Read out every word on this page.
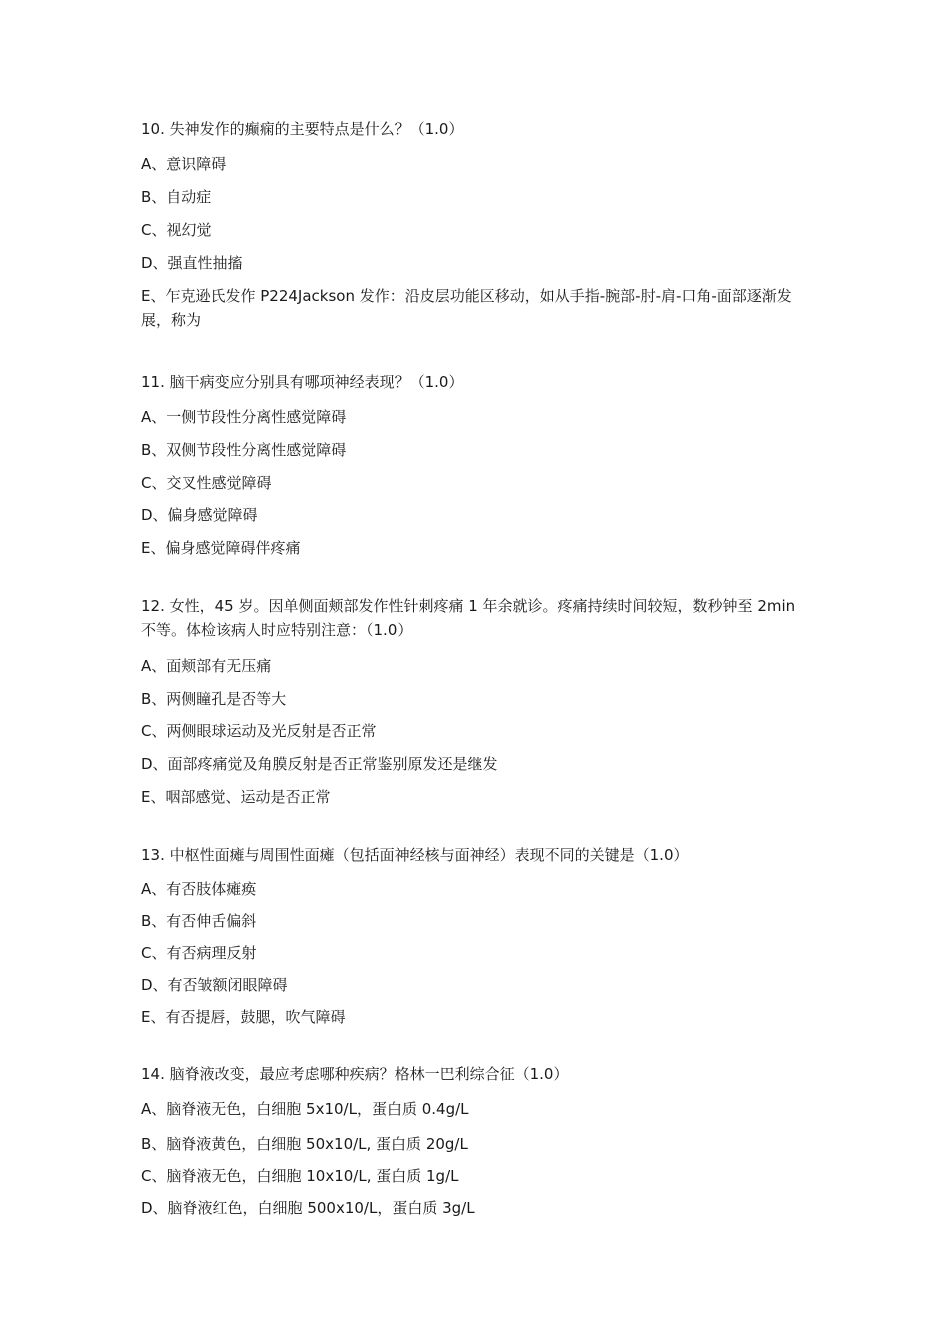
10. 失神发作的癫痫的主要特点是什么？（1.0）
A、意识障碍
B、自动症
C、视幻觉
D、强直性抽搐
E、乍克逊氏发作 P224Jackson 发作：沿皮层功能区移动，如从手指-腕部-肘-肩-口角-面部逐渐发展，称为
11. 脑干病变应分别具有哪项神经表现？（1.0）
A、一侧节段性分离性感觉障碍
B、双侧节段性分离性感觉障碍
C、交叉性感觉障碍
D、偏身感觉障碍
E、偏身感觉障碍伴疼痛
12. 女性，45 岁。因单侧面颊部发作性针刺疼痛 1 年余就诊。疼痛持续时间较短，数秒钟至 2min 不等。体检该病人时应特别注意：（1.0）
A、面颊部有无压痛
B、两侧瞳孔是否等大
C、两侧眼球运动及光反射是否正常
D、面部疼痛觉及角膜反射是否正常鉴别原发还是继发
E、咽部感觉、运动是否正常
13. 中枢性面瘫与周围性面瘫（包括面神经核与面神经）表现不同的关键是（1.0）
A、有否肢体瘫痪
B、有否伸舌偏斜
C、有否病理反射
D、有否皱额闭眼障碍
E、有否提唇，鼓腮，吹气障碍
14. 脑脊液改变，最应考虑哪种疾病？格林一巴利综合征（1.0）
A、脑脊液无色，白细胞 5x10/L，蛋白质 0.4g/L
B、脑脊液黄色，白细胞 50x10/L, 蛋白质 20g/L
C、脑脊液无色，白细胞 10x10/L, 蛋白质 1g/L
D、脑脊液红色，白细胞 500x10/L，蛋白质 3g/L
